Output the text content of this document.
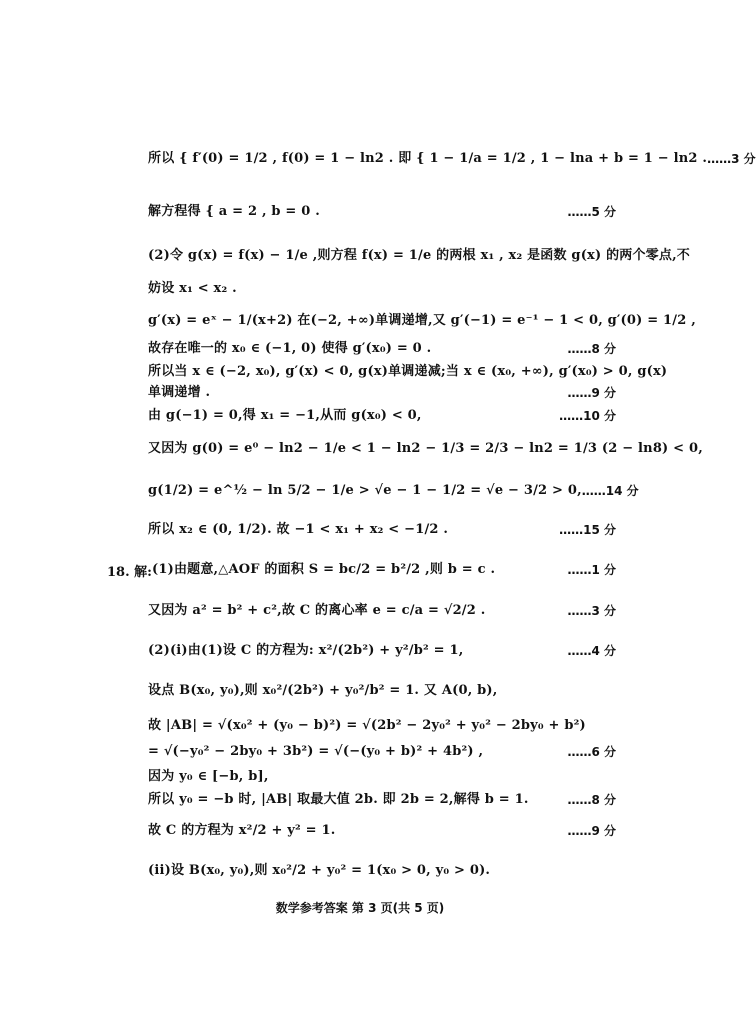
所以 { f′(0) = 1/2 , f(0) = 1 − ln2 . 即 { 1 − 1/a = 1/2 , 1 − lna + b = 1 − ln2 . ……3 分
解方程得 { a = 2 , b = 0 .	……5 分
(2)令 g(x) = f(x) − 1/e ,则方程 f(x) = 1/e 的两根 x₁ , x₂ 是函数 g(x) 的两个零点,不
妨设 x₁ < x₂ .
g′(x) = eˣ − 1/(x+2) 在(−2, +∞)单调递增,又 g′(−1) = e⁻¹ − 1 < 0, g′(0) = 1/2 ,
故存在唯一的 x₀ ∈ (−1, 0) 使得 g′(x₀) = 0 .	……8 分
所以当 x ∈ (−2, x₀), g′(x) < 0, g(x)单调递减;当 x ∈ (x₀, +∞), g′(x₀) > 0, g(x)
单调递增 .	……9 分
由 g(−1) = 0,得 x₁ = −1,从而 g(x₀) < 0,	……10 分
又因为 g(0) = e⁰ − ln2 − 1/e < 1 − ln2 − 1/3 = 2/3 − ln2 = 1/3 (2 − ln8) < 0,
g(1/2) = e^½ − ln 5/2 − 1/e > √e − 1 − 1/2 = √e − 3/2 > 0, ……14 分
所以 x₂ ∈ (0, 1/2). 故 −1 < x₁ + x₂ < −1/2 .	……15 分
18. 解: (1)由题意,△AOF 的面积 S = bc/2 = b²/2 ,则 b = c .	……1 分
又因为 a² = b² + c²,故 C 的离心率 e = c/a = √2/2 .	……3 分
(2)(i)由(1)设 C 的方程为: x²/(2b²) + y²/b² = 1,	……4 分
设点 B(x₀, y₀),则 x₀²/(2b²) + y₀²/b² = 1. 又 A(0, b),
故 |AB| = √(x₀² + (y₀ − b)²) = √(2b² − 2y₀² + y₀² − 2by₀ + b²)
= √(−y₀² − 2by₀ + 3b²) = √(−(y₀ + b)² + 4b²) ,	……6 分
因为 y₀ ∈ [−b, b],
所以 y₀ = −b 时, |AB| 取最大值 2b. 即 2b = 2,解得 b = 1.	……8 分
故 C 的方程为 x²/2 + y² = 1.	……9 分
(ii)设 B(x₀, y₀),则 x₀²/2 + y₀² = 1(x₀ > 0, y₀ > 0).
数学参考答案 第 3 页(共 5 页)
